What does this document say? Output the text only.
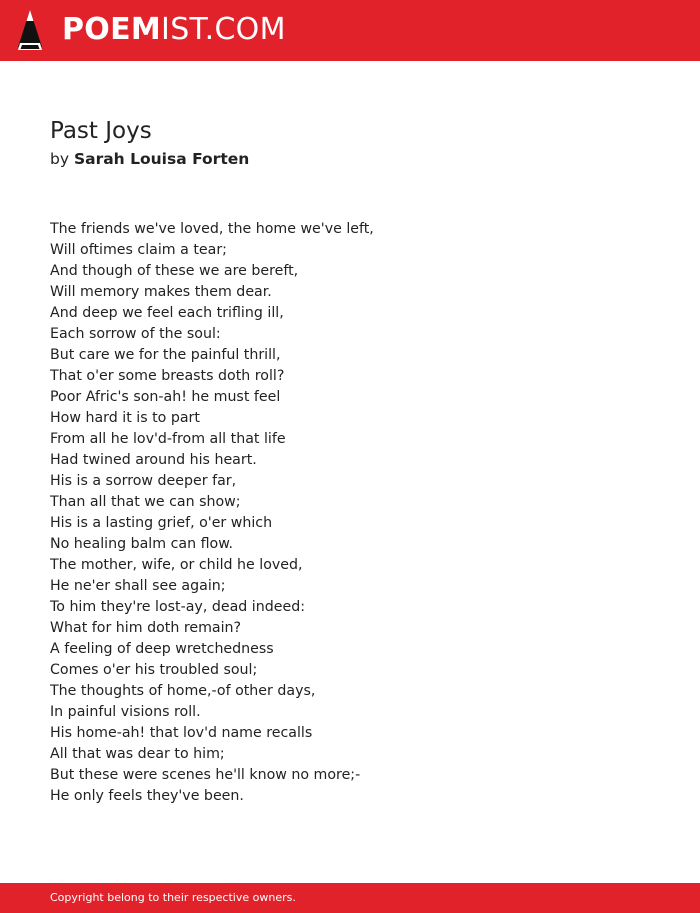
POEMIST.COM
Past Joys
by Sarah Louisa Forten
The friends we've loved, the home we've left,
Will oftimes claim a tear;
And though of these we are bereft,
Will memory makes them dear.
And deep we feel each trifling ill,
Each sorrow of the soul:
But care we for the painful thrill,
That o'er some breasts doth roll?
Poor Afric's son-ah! he must feel
How hard it is to part
From all he lov'd-from all that life
Had twined around his heart.
His is a sorrow deeper far,
Than all that we can show;
His is a lasting grief, o'er which
No healing balm can flow.
The mother, wife, or child he loved,
He ne'er shall see again;
To him they're lost-ay, dead indeed:
What for him doth remain?
A feeling of deep wretchedness
Comes o'er his troubled soul;
The thoughts of home,-of other days,
In painful visions roll.
His home-ah! that lov'd name recalls
All that was dear to him;
But these were scenes he'll know no more;-
He only feels they've been.
Copyright belong to their respective owners.
